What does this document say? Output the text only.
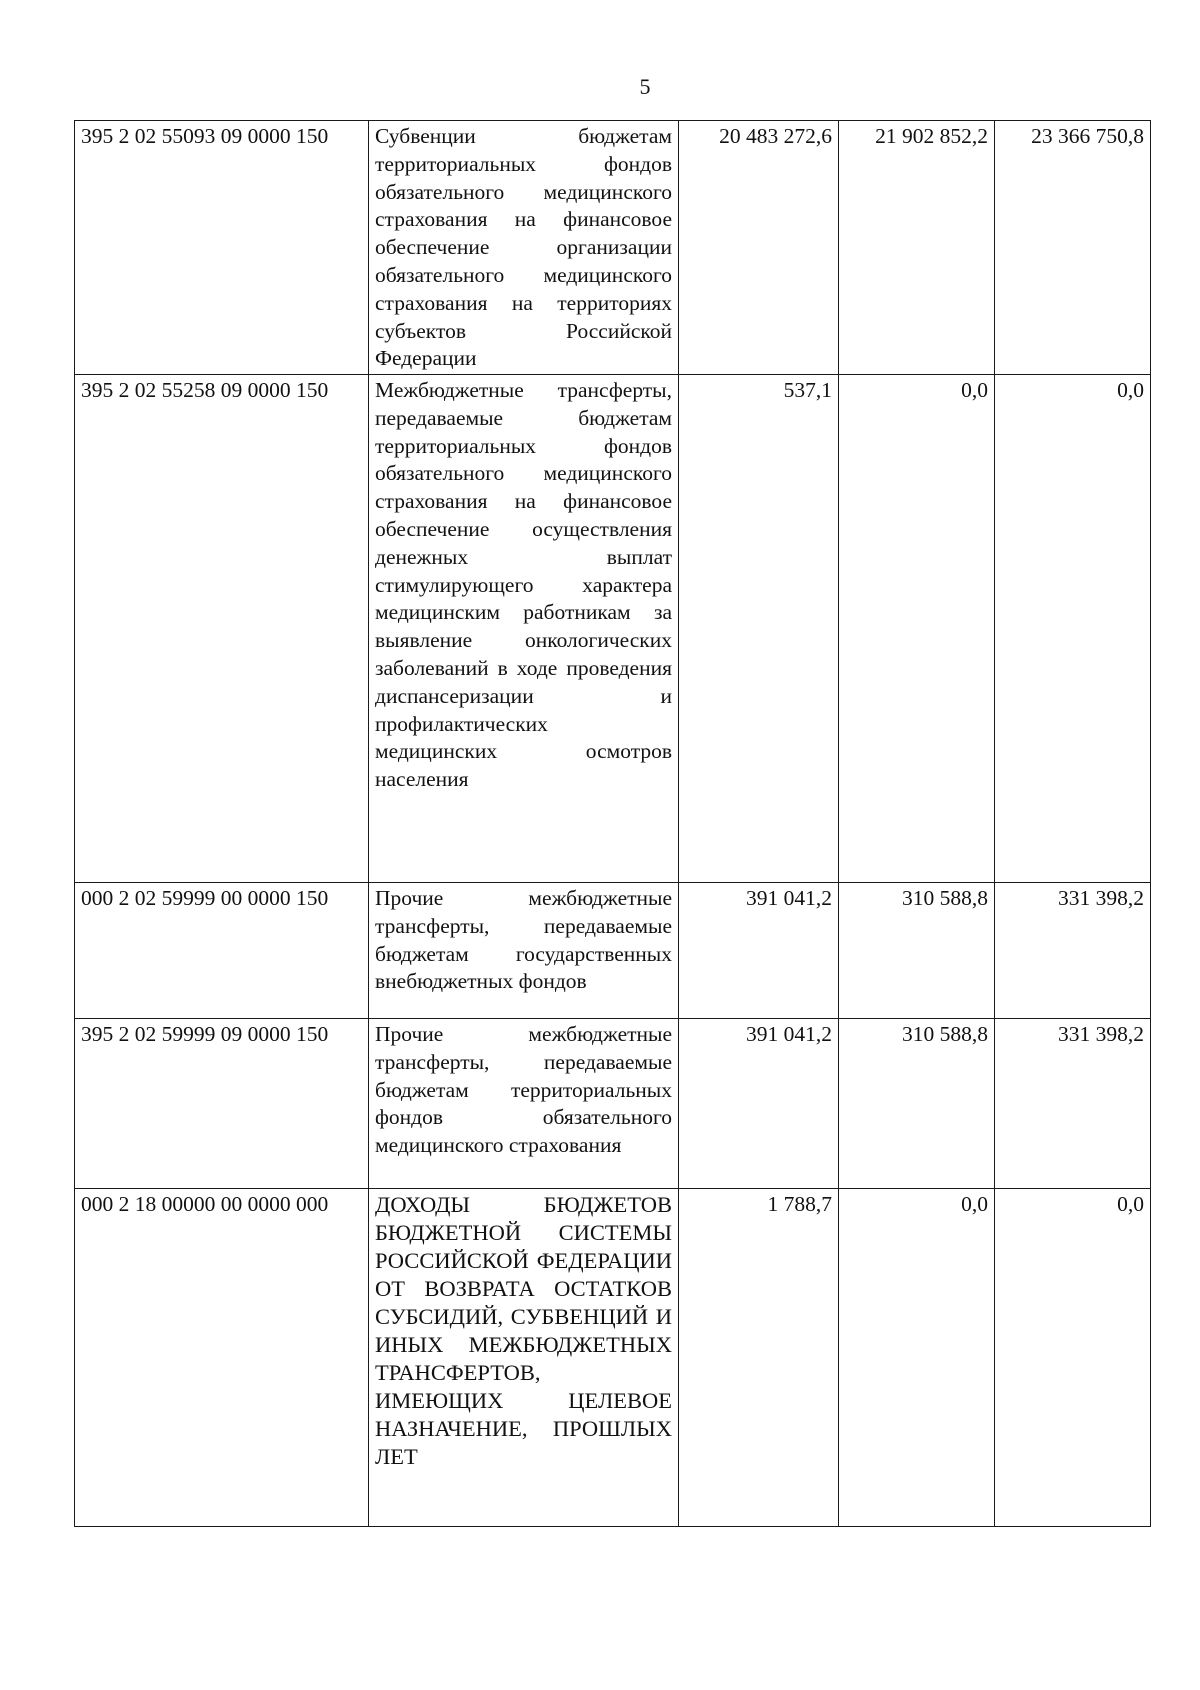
5
395 2 02 55093 09 0000 150	Субвенции бюджетам территориальных фондов обязательного медицинского страхования на финансовое обеспечение организации обязательного медицинского страхования на территориях субъектов Российской Федерации	20 483 272,6	21 902 852,2	23 366 750,8
395 2 02 55258 09 0000 150	Межбюджетные трансферты, передаваемые бюджетам территориальных фондов обязательного медицинского страхования на финансовое обеспечение осуществления денежных выплат стимулирующего характера медицинским работникам за выявление онкологических заболеваний в ходе проведения диспансеризации и профилактических медицинских осмотров населения	537,1	0,0	0,0
000 2 02 59999 00 0000 150	Прочие межбюджетные трансферты, передаваемые бюджетам государственных внебюджетных фондов	391 041,2	310 588,8	331 398,2
395 2 02 59999 09 0000 150	Прочие межбюджетные трансферты, передаваемые бюджетам территориальных фондов обязательного медицинского страхования	391 041,2	310 588,8	331 398,2
000 2 18 00000 00 0000 000	ДОХОДЫ БЮДЖЕТОВ БЮДЖЕТНОЙ СИСТЕМЫ РОССИЙСКОЙ ФЕДЕРАЦИИ ОТ ВОЗВРАТА ОСТАТКОВ СУБСИДИЙ, СУБВЕНЦИЙ И ИНЫХ МЕЖБЮДЖЕТНЫХ ТРАНСФЕРТОВ, ИМЕЮЩИХ ЦЕЛЕВОЕ НАЗНАЧЕНИЕ, ПРОШЛЫХ ЛЕТ	1 788,7	0,0	0,0
